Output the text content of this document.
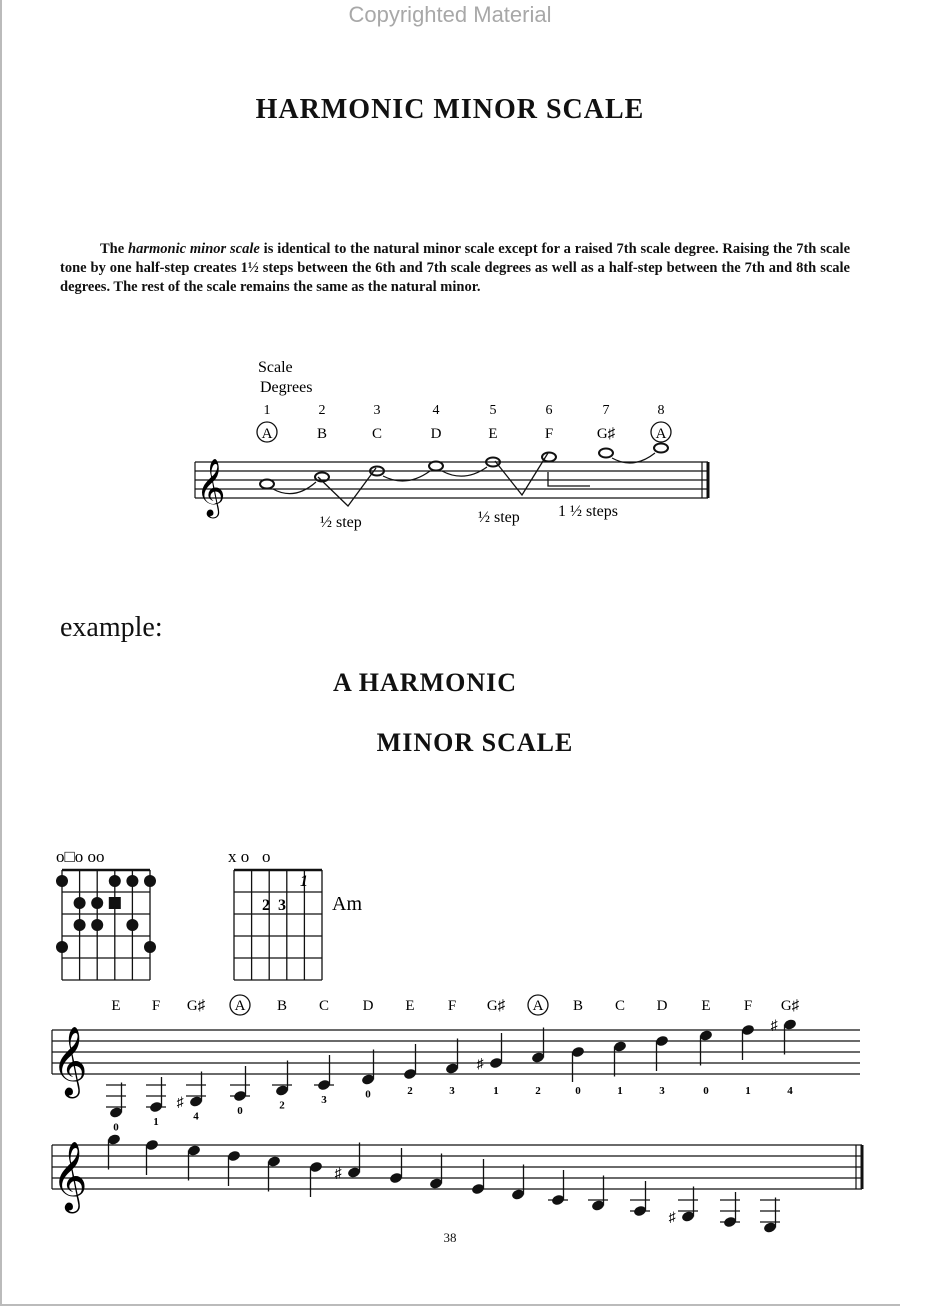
Copyrighted Material
HARMONIC MINOR SCALE

The harmonic minor scale is identical to the natural minor scale except for a raised 7th scale degree. Raising the 7th scale tone by one half-step creates 1½ steps between the 6th and 7th scale degrees as well as a half-step between the 7th and 8th scale degrees. The rest of the scale remains the same as the natural minor.

Scale
Degrees
1	2	3	4	5	6	7	8
A	B	C	D	E	F	G♯	A
𝄞
½ step	½ step 1 ½ steps
example:
A HARMONIC
MINOR SCALE
o□o oo	x o   o
2 3
1
Am
E F G♯ A B C D E F G♯ A B C D E F G♯
𝄞
♯
♯
♯
0	1	4	0	2	3	0	2	3	1	2	0	1	3	0	1	4
𝄞	♯
♯
38
